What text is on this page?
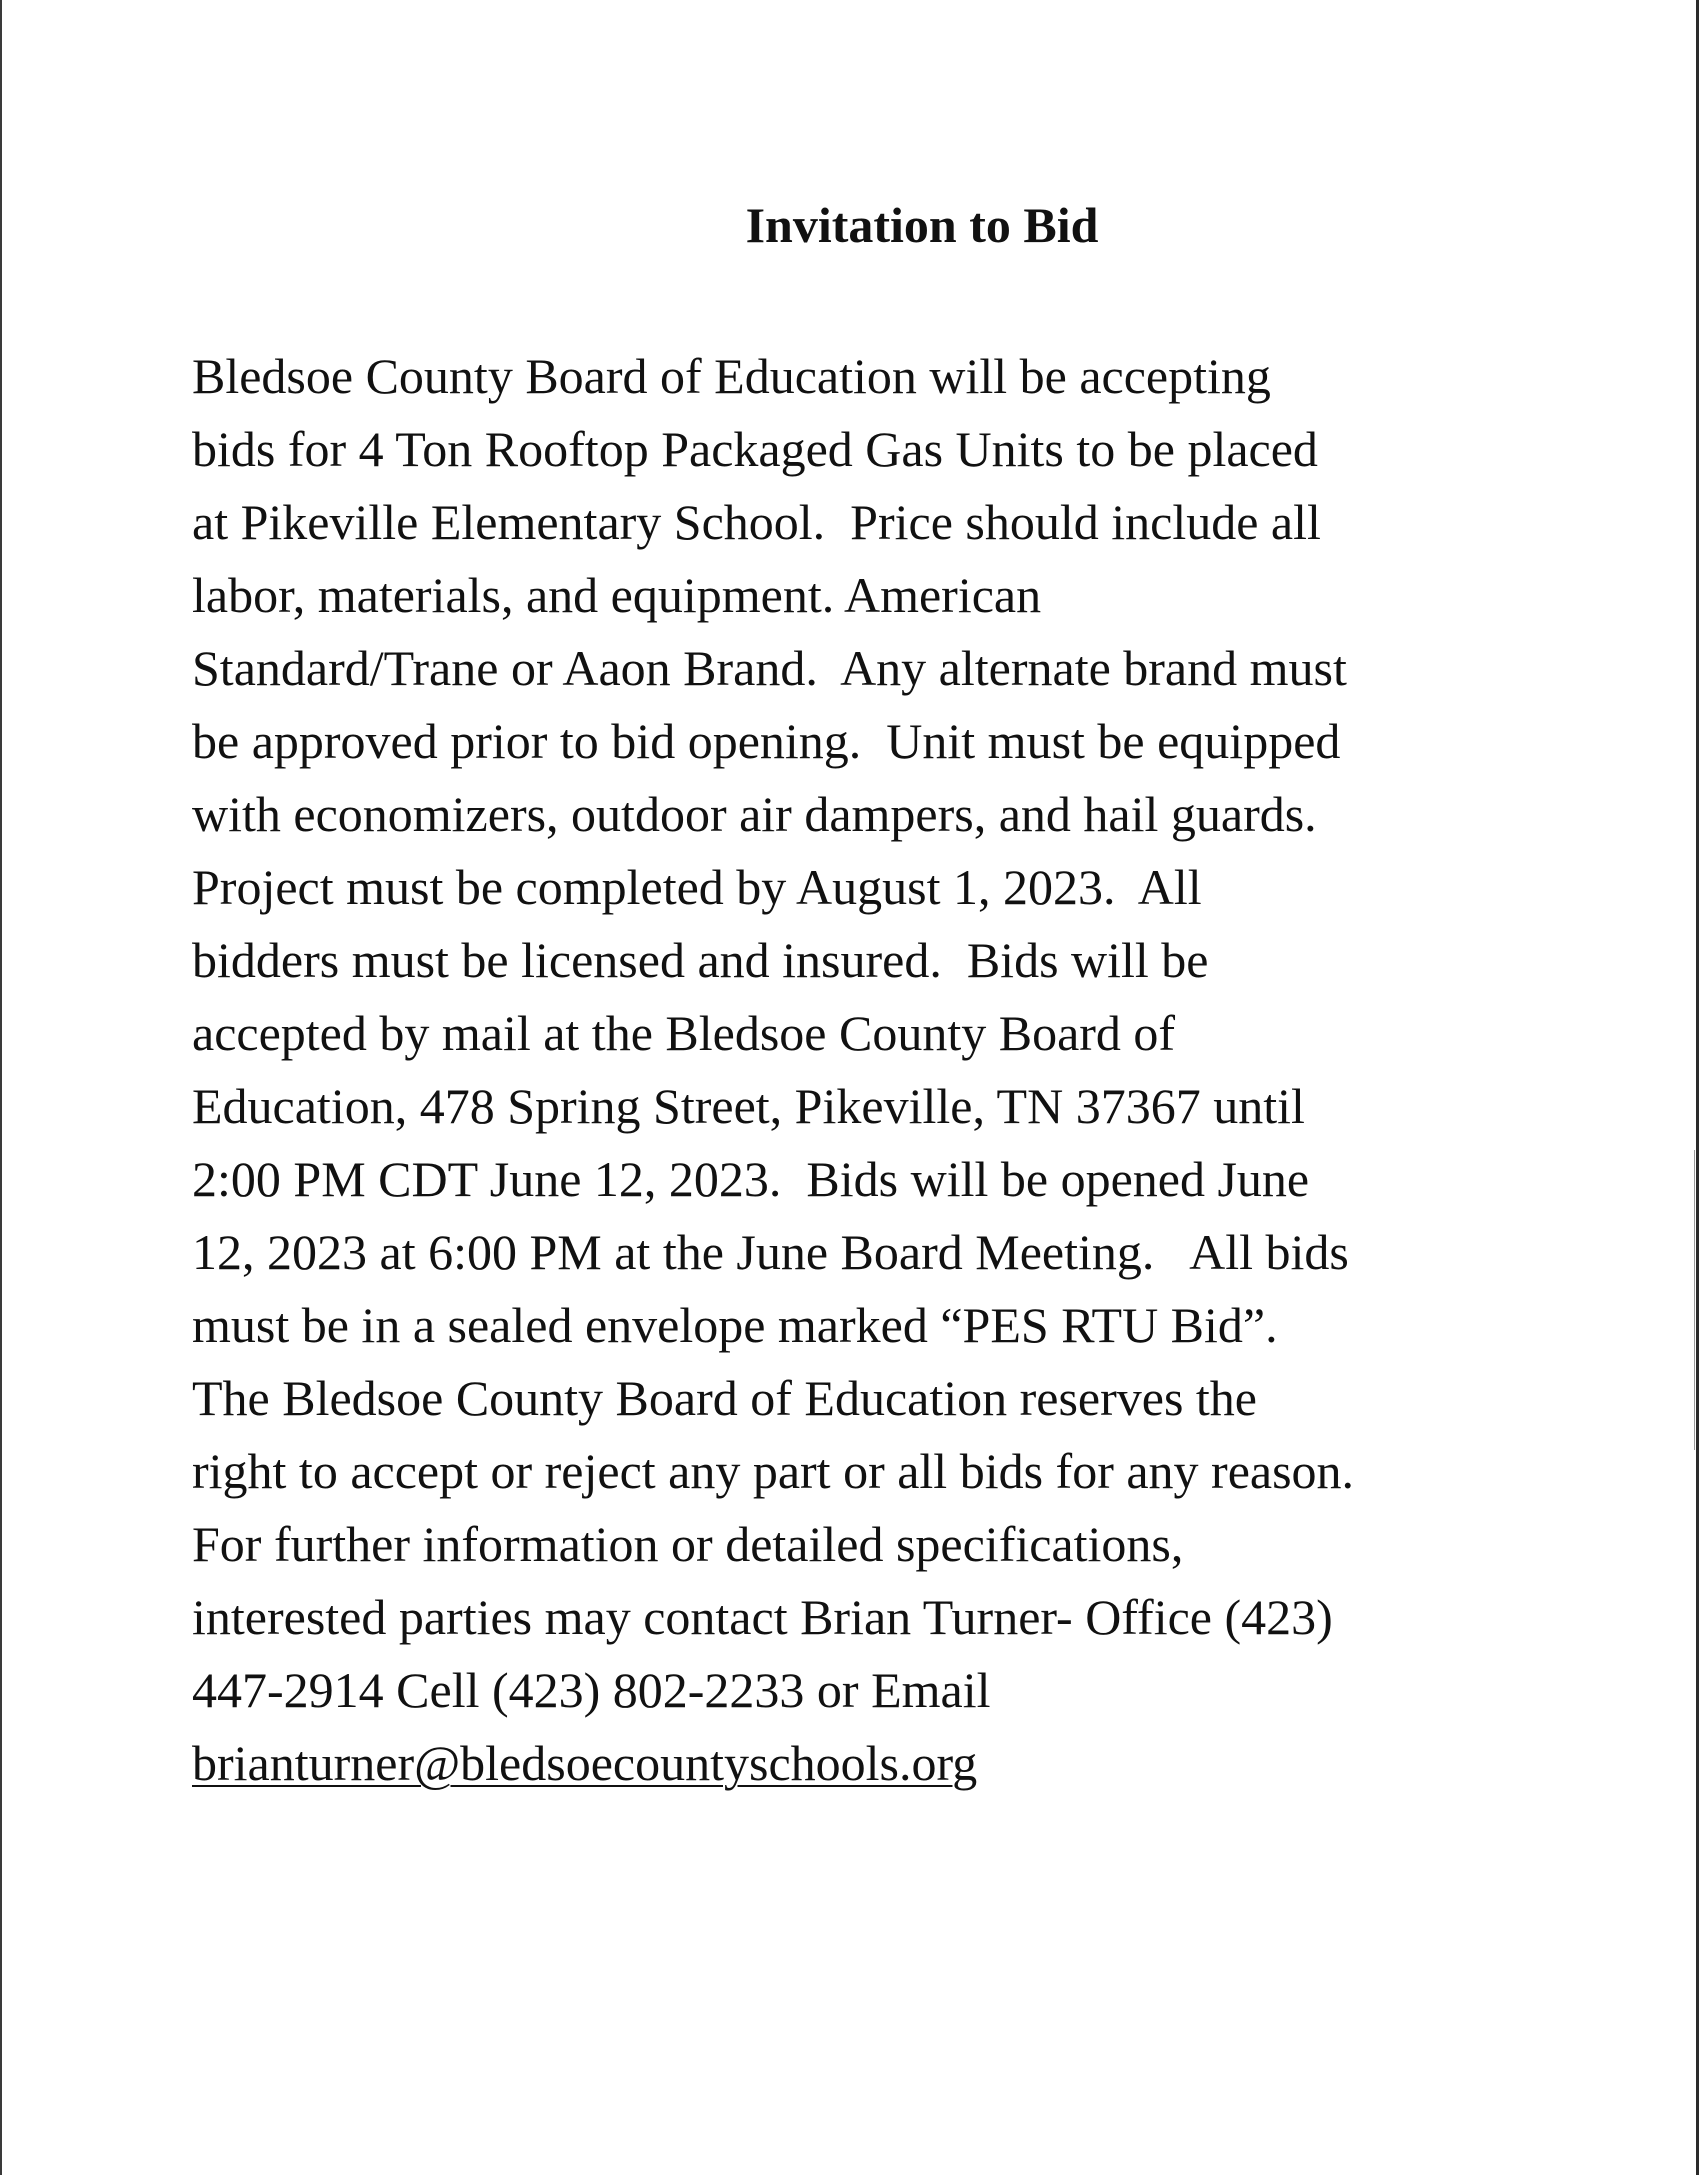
Invitation to Bid
Bledsoe County Board of Education will be accepting
bids for 4 Ton Rooftop Packaged Gas Units to be placed
at Pikeville Elementary School.  Price should include all
labor, materials, and equipment. American
Standard/Trane or Aaon Brand.  Any alternate brand must
be approved prior to bid opening.  Unit must be equipped
with economizers, outdoor air dampers, and hail guards.
Project must be completed by August 1, 2023.  All
bidders must be licensed and insured.  Bids will be
accepted by mail at the Bledsoe County Board of
Education, 478 Spring Street, Pikeville, TN 37367 until
2:00 PM CDT June 12, 2023.  Bids will be opened June
12, 2023 at 6:00 PM at the June Board Meeting.   All bids
must be in a sealed envelope marked “PES RTU Bid”.
The Bledsoe County Board of Education reserves the
right to accept or reject any part or all bids for any reason.
For further information or detailed specifications,
interested parties may contact Brian Turner- Office (423)
447-2914 Cell (423) 802-2233 or Email
brianturner@bledsoecountyschools.org
